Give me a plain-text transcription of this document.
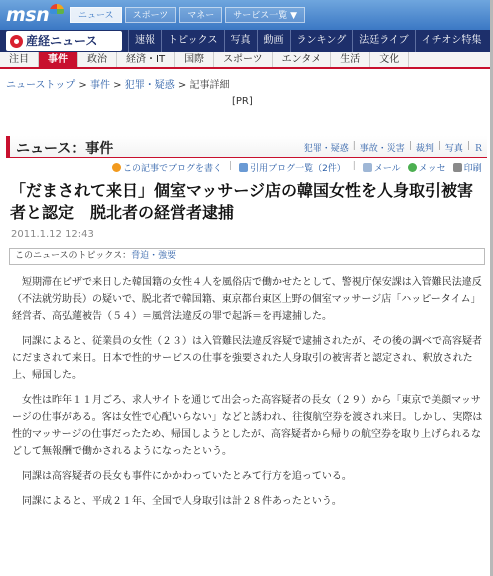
msn	ニュース	スポーツ	マネー	サービス一覧 ▼
産経ニュース	速報	トピックス	写真	動画	ランキング	法廷ライブ	イチオシ特集
注目	事件	政治	経済・IT	国際	スポーツ	エンタメ	生活	文化
ニューストップ > 事件 > 犯罪・疑惑 > 記事詳細
[PR]
ニュース：事件	犯罪・疑惑 | 事故・災害 | 裁判 | 写真 | Ｒ
この記事でブログを書く | 引用ブログ一覧（2件） | メール メッセ 印刷
「だまされて来日」個室マッサージ店の韓国女性を人身取引被害者と認定　脱北者の経営者逮捕
2011.1.12 12:43
このニュースのトピックス：脅迫・強要

短期滞在ビザで来日した韓国籍の女性４人を風俗店で働かせたとして、警視庁保安課は入管難民法違反（不法就労助長）の疑いで、脱北者で韓国籍、東京都台東区上野の個室マッサージ店「ハッピータイム」経営者、高弘蓮被告（５４）＝風営法違反の罪で起訴＝を再逮捕した。

同課によると、従業員の女性（２３）は入管難民法違反容疑で逮捕されたが、その後の調べで高容疑者にだまされて来日。日本で性的サービスの仕事を強要された人身取引の被害者と認定され、釈放された上、帰国した。

女性は昨年１１月ごろ、求人サイトを通じて出会った高容疑者の長女（２９）から「東京で美顔マッサージの仕事がある。客は女性で心配いらない」などと誘われ、往復航空券を渡され来日。しかし、実際は性的マッサージの仕事だったため、帰国しようとしたが、高容疑者から帰りの航空券を取り上げられるなどして無報酬で働かされるようになったという。

同課は高容疑者の長女も事件にかかわっていたとみて行方を追っている。

同課によると、平成２１年、全国で人身取引は計２８件あったという。
